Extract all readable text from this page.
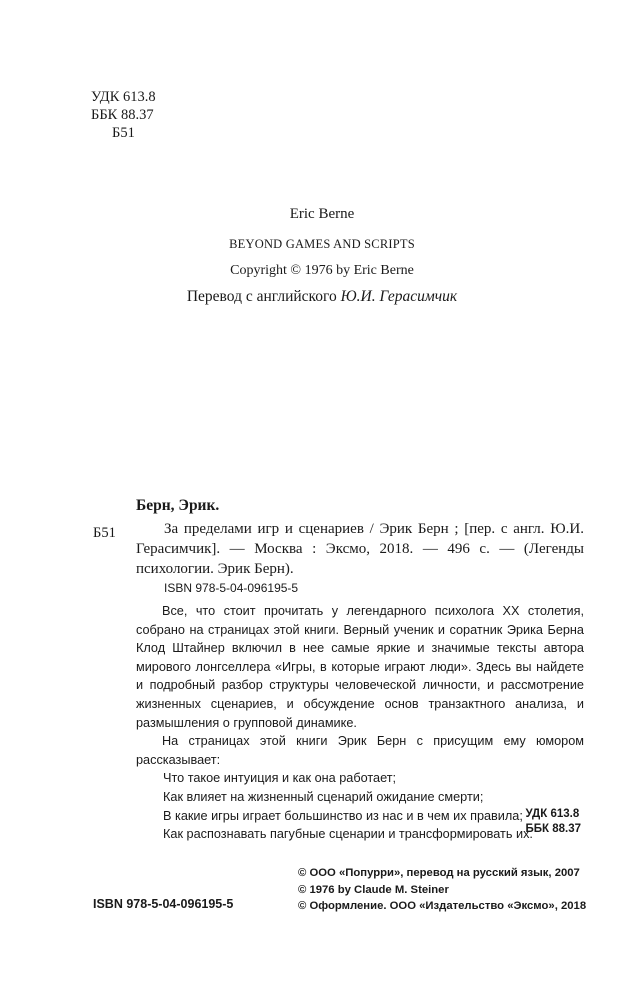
УДК 613.8
ББК 88.37
Б51
Eric Berne
BEYOND GAMES AND SCRIPTS
Copyright © 1976 by Eric Berne
Перевод с английского Ю.И. Герасимчик
Б51
Берн, Эрик.
За пределами игр и сценариев / Эрик Берн ; [пер. с англ. Ю.И. Герасимчик]. — Москва : Эксмо, 2018. — 496 с. — (Легенды психологии. Эрик Берн).
ISBN 978-5-04-096195-5

Все, что стоит прочитать у легендарного психолога XX столетия, собрано на страницах этой книги. Верный ученик и соратник Эрика Берна Клод Штайнер включил в нее самые яркие и значимые тексты автора мирового лонгселлера «Игры, в которые играют люди». Здесь вы найдете и подробный разбор структуры человеческой личности, и рассмотрение жизненных сценариев, и обсуждение основ транзактного анализа, и размышления о групповой динамике.

На страницах этой книги Эрик Берн с присущим ему юмором рассказывает:

Что такое интуиция и как она работает;
Как влияет на жизненный сценарий ожидание смерти;
В какие игры играет большинство из нас и в чем их правила;
Как распознавать пагубные сценарии и трансформировать их.
УДК 613.8
ББК 88.37
© ООО «Попурри», перевод на русский язык, 2007
© 1976 by Claude M. Steiner
© Оформление. ООО «Издательство «Эксмо», 2018
ISBN 978-5-04-096195-5
